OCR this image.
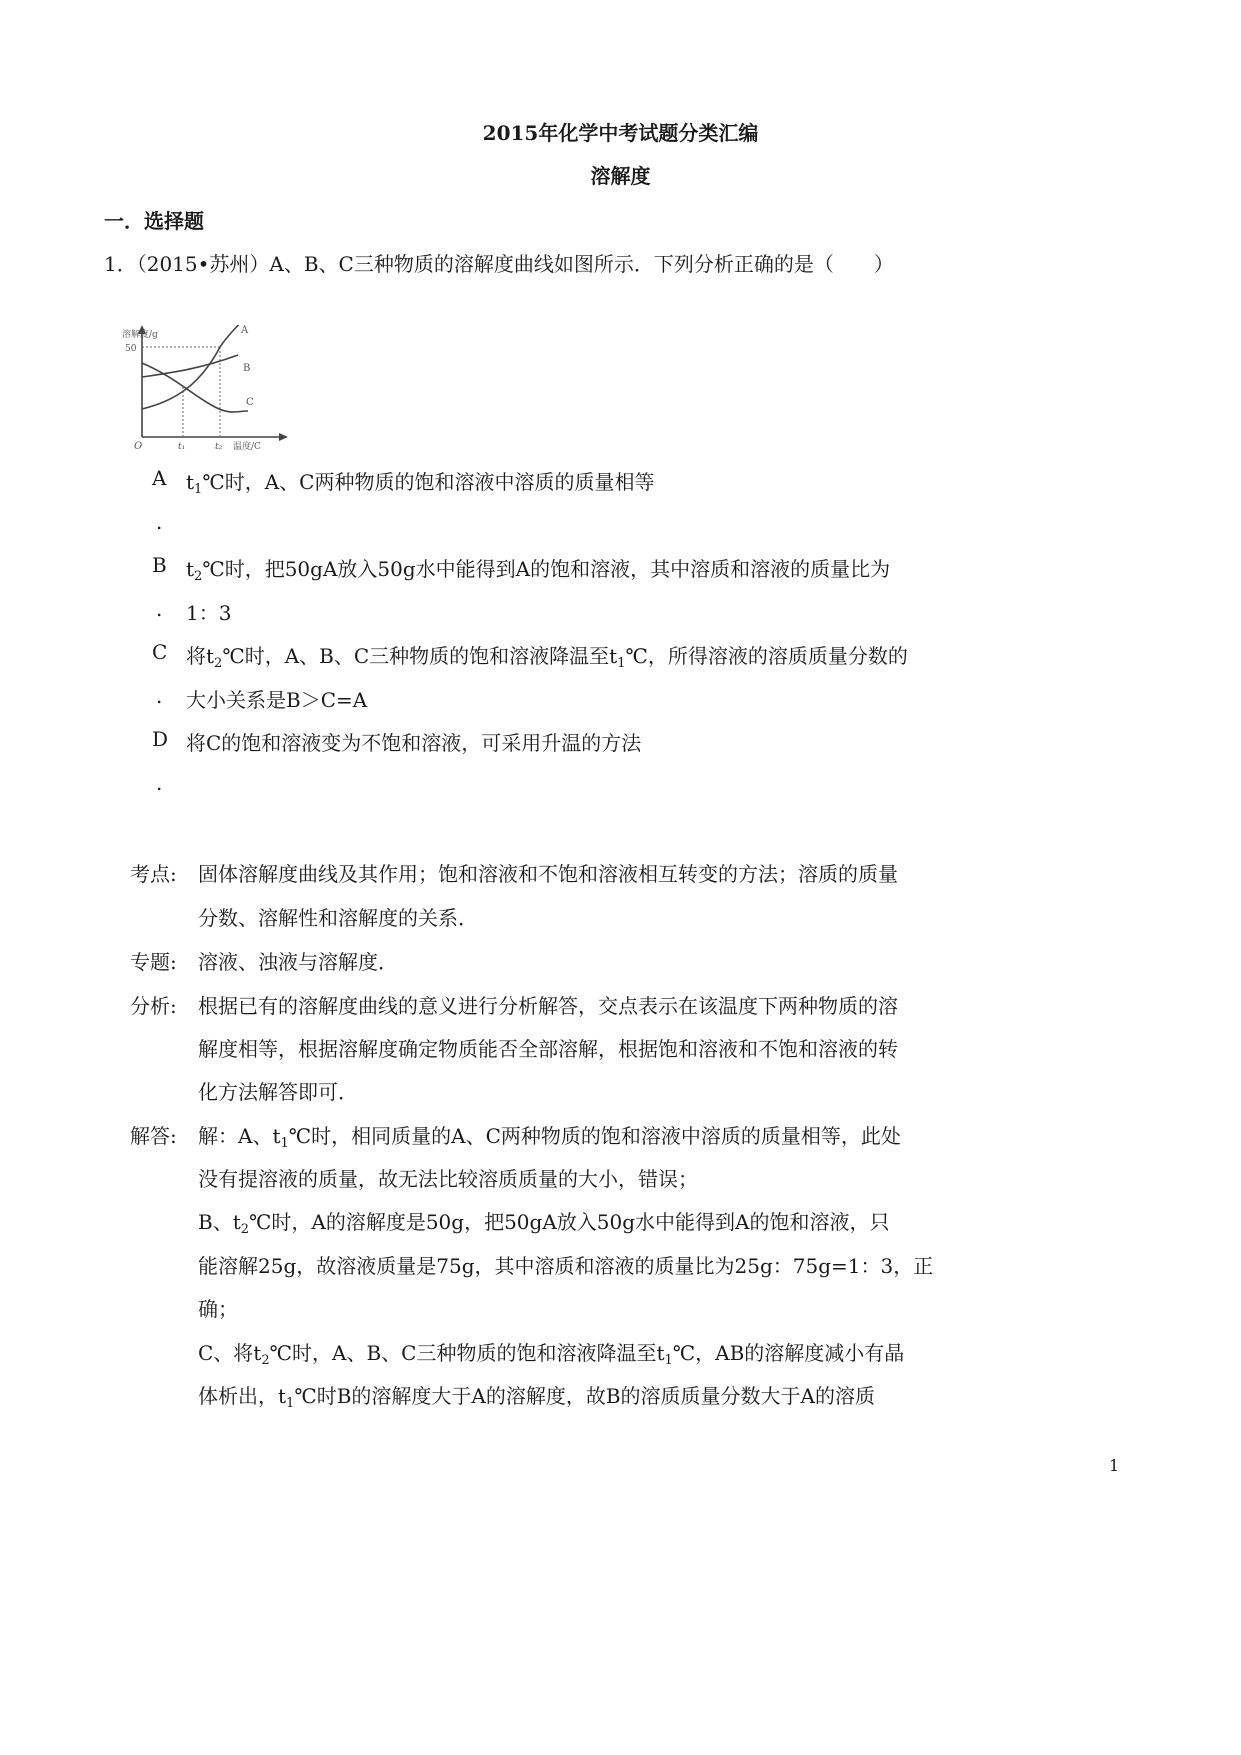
2015年化学中考试题分类汇编
溶解度
一．选择题
1．（2015•苏州）A、B、C三种物质的溶解度曲线如图所示．下列分析正确的是（　　）
溶解度/g
50
O	t₁	t₂ 温度/C
A
B
C
A $t_1℃$时，A、C两种物质的饱和溶液中溶质的质量相等
.
B $t_2℃$时，把50gA放入50g水中能得到A的饱和溶液，其中溶质和溶液的质量比为
. 1：3
C 将$t_2℃$时，A、B、C三种物质的饱和溶液降温至$t_1℃$，所得溶液的溶质质量分数的
. 大小关系是B＞C=A
D 将C的饱和溶液变为不饱和溶液，可采用升温的方法
.
考点: 固体溶解度曲线及其作用；饱和溶液和不饱和溶液相互转变的方法；溶质的质量
分数、溶解性和溶解度的关系．
专题: 溶液、浊液与溶解度．
分析: 根据已有的溶解度曲线的意义进行分析解答，交点表示在该温度下两种物质的溶
解度相等，根据溶解度确定物质能否全部溶解，根据饱和溶液和不饱和溶液的转
化方法解答即可．
解答: 解：A、$t_1℃$时，相同质量的A、C两种物质的饱和溶液中溶质的质量相等，此处
没有提溶液的质量，故无法比较溶质质量的大小，错误；
B、$t_2℃$时，A的溶解度是50g，把50gA放入50g水中能得到A的饱和溶液，只
能溶解25g，故溶液质量是75g，其中溶质和溶液的质量比为25g：75g=1：3，正
确；
C、将$t_2℃$时，A、B、C三种物质的饱和溶液降温至$t_1℃$，AB的溶解度减小有晶
体析出，$t_1℃$时B的溶解度大于A的溶解度，故B的溶质质量分数大于A的溶质
1
